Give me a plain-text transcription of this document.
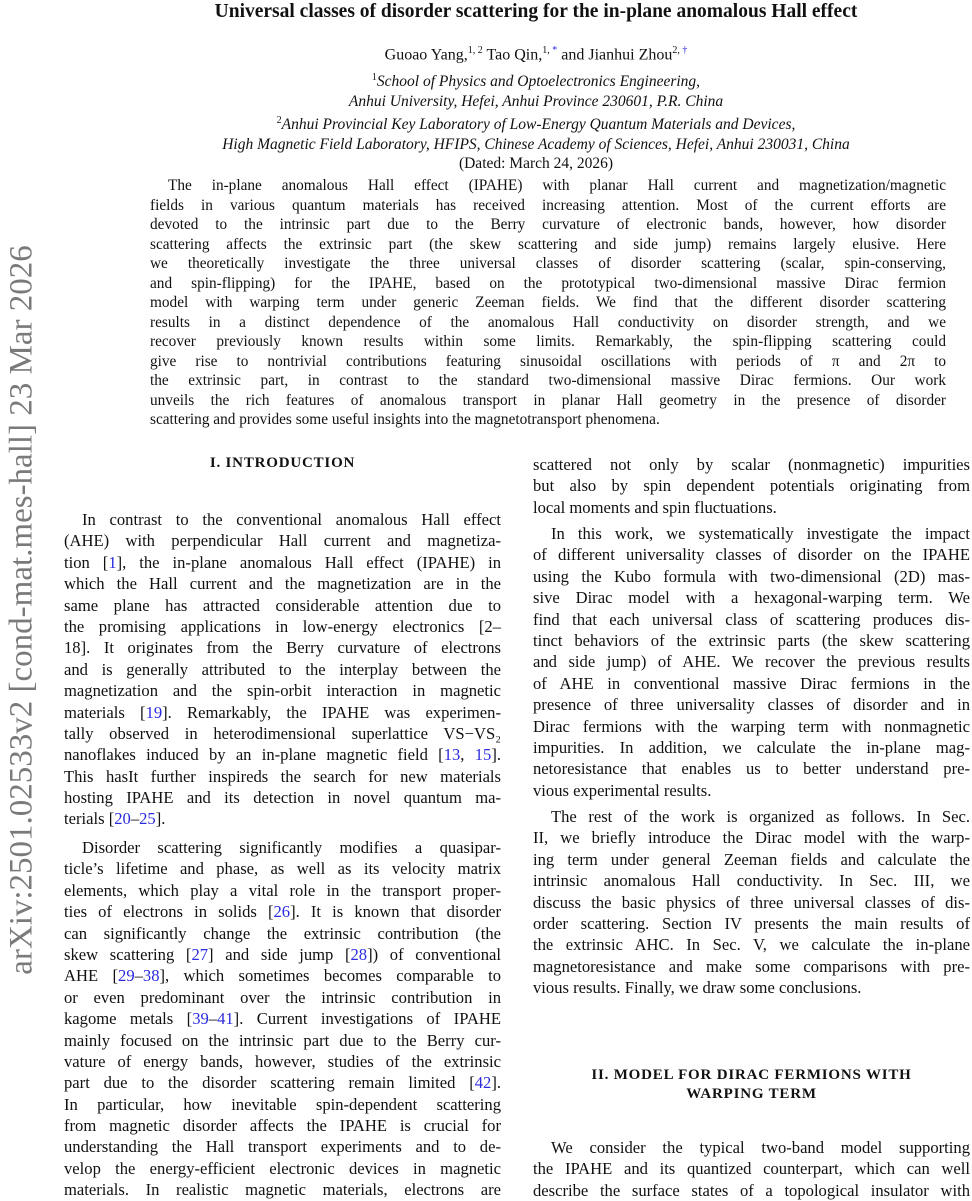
arXiv:2501.02533v2 [cond-mat.mes-hall] 23 Mar 2026
Universal classes of disorder scattering for the in-plane anomalous Hall effect
Guoao Yang,$^{1, 2}$ Tao Qin,$^{1, *}$ and Jianhui Zhou$^{2, \dagger}$
$^1$School of Physics and Optoelectronics Engineering,
Anhui University, Hefei, Anhui Province 230601, P.R. China
$^2$Anhui Provincial Key Laboratory of Low-Energy Quantum Materials and Devices,
High Magnetic Field Laboratory, HFIPS, Chinese Academy of Sciences, Hefei, Anhui 230031, China
(Dated: March 24, 2026)
The in-plane anomalous Hall effect (IPAHE) with planar Hall current and magnetization/magnetic
fields in various quantum materials has received increasing attention. Most of the current efforts are
devoted to the intrinsic part due to the Berry curvature of electronic bands, however, how disorder
scattering affects the extrinsic part (the skew scattering and side jump) remains largely elusive. Here
we theoretically investigate the three universal classes of disorder scattering (scalar, spin-conserving,
and spin-flipping) for the IPAHE, based on the prototypical two-dimensional massive Dirac fermion
model with warping term under generic Zeeman fields. We find that the different disorder scattering
results in a distinct dependence of the anomalous Hall conductivity on disorder strength, and we
recover previously known results within some limits. Remarkably, the spin-flipping scattering could
give rise to nontrivial contributions featuring sinusoidal oscillations with periods of π and 2π to
the extrinsic part, in contrast to the standard two-dimensional massive Dirac fermions. Our work
unveils the rich features of anomalous transport in planar Hall geometry in the presence of disorder
scattering and provides some useful insights into the magnetotransport phenomena.
I. INTRODUCTION
In contrast to the conventional anomalous Hall effect
(AHE) with perpendicular Hall current and magnetiza-
tion [1], the in-plane anomalous Hall effect (IPAHE) in
which the Hall current and the magnetization are in the
same plane has attracted considerable attention due to
the promising applications in low-energy electronics [2–
18]. It originates from the Berry curvature of electrons
and is generally attributed to the interplay between the
magnetization and the spin-orbit interaction in magnetic
materials [19]. Remarkably, the IPAHE was experimen-
tally observed in heterodimensional superlattice VS−VS₂
nanoflakes induced by an in-plane magnetic field [13, 15].
This hasIt further inspireds the search for new materials
hosting IPAHE and its detection in novel quantum ma-
terials [20–25].
Disorder scattering significantly modifies a quasipar-
ticle’s lifetime and phase, as well as its velocity matrix
elements, which play a vital role in the transport proper-
ties of electrons in solids [26]. It is known that disorder
can significantly change the extrinsic contribution (the
skew scattering [27] and side jump [28]) of conventional
AHE [29–38], which sometimes becomes comparable to
or even predominant over the intrinsic contribution in
kagome metals [39–41]. Current investigations of IPAHE
mainly focused on the intrinsic part due to the Berry cur-
vature of energy bands, however, studies of the extrinsic
part due to the disorder scattering remain limited [42].
In particular, how inevitable spin-dependent scattering
from magnetic disorder affects the IPAHE is crucial for
understanding the Hall transport experiments and to de-
velop the energy-efficient electronic devices in magnetic
materials. In realistic magnetic materials, electrons are
scattered not only by scalar (nonmagnetic) impurities
but also by spin dependent potentials originating from
local moments and spin fluctuations.
In this work, we systematically investigate the impact
of different universality classes of disorder on the IPAHE
using the Kubo formula with two-dimensional (2D) mas-
sive Dirac model with a hexagonal-warping term. We
find that each universal class of scattering produces dis-
tinct behaviors of the extrinsic parts (the skew scattering
and side jump) of AHE. We recover the previous results
of AHE in conventional massive Dirac fermions in the
presence of three universality classes of disorder and in
Dirac fermions with the warping term with nonmagnetic
impurities. In addition, we calculate the in-plane mag-
netoresistance that enables us to better understand pre-
vious experimental results.
The rest of the work is organized as follows. In Sec.
II, we briefly introduce the Dirac model with the warp-
ing term under general Zeeman fields and calculate the
intrinsic anomalous Hall conductivity. In Sec. III, we
discuss the basic physics of three universal classes of dis-
order scattering. Section IV presents the main results of
the extrinsic AHC. In Sec. V, we calculate the in-plane
magnetoresistance and make some comparisons with pre-
vious results. Finally, we draw some conclusions.
II. MODEL FOR DIRAC FERMIONS WITH
WARPING TERM
We consider the typical two-band model supporting
the IPAHE and its quantized counterpart, which can well
describe the surface states of a topological insulator with
